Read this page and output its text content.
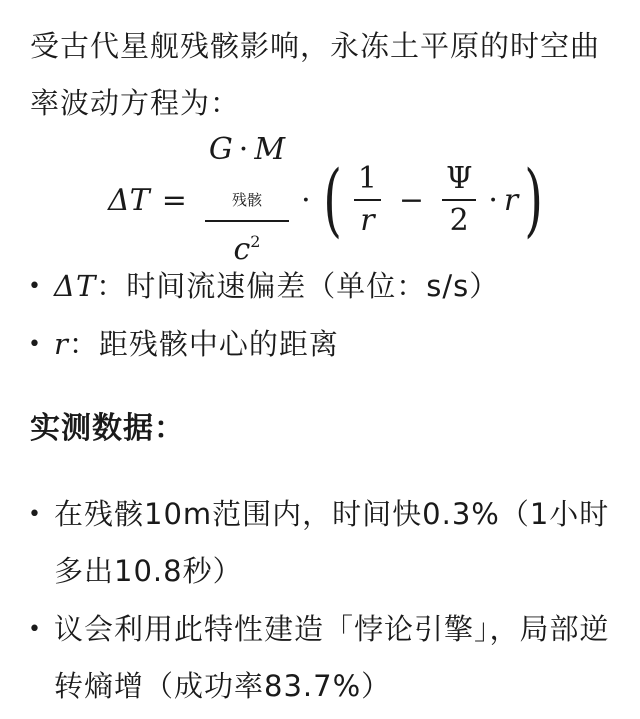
受古代星舰残骸影响，永冻土平原的时空曲率波动方程为：
$\Delta T = \frac{G \cdot M_{残骸}}{c^2}$ · ( $\frac{1}{r} - \frac{\Psi}{2} \cdot r$ )
• ΔT：时间流速偏差（单位：s/s）
• r：距残骸中心的距离
实测数据：
• 在残骸10m范围内，时间快0.3%（1小时多出10.8秒）
• 议会利用此特性建造「悖论引擎」，局部逆转熵增（成功率83.7%）
